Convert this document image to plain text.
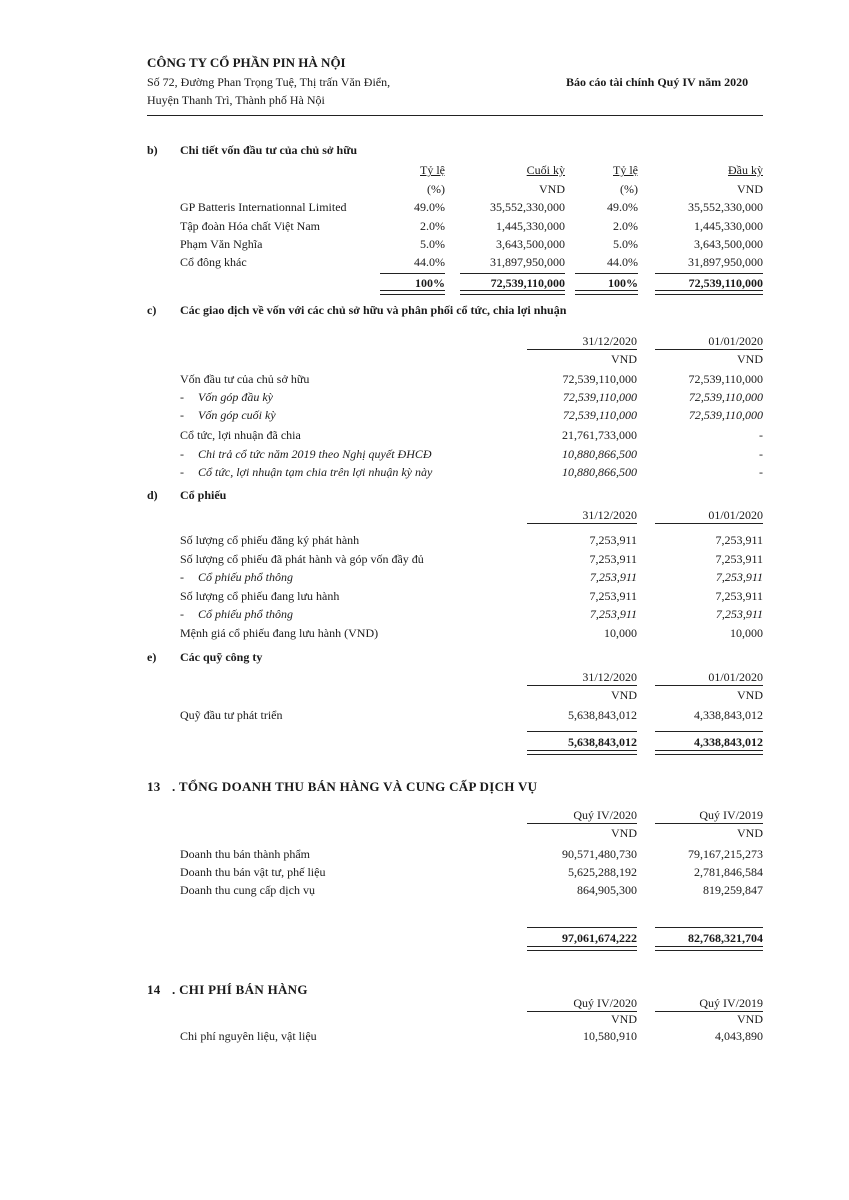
CÔNG TY CỔ PHẦN PIN HÀ NỘI
Số 72, Đường Phan Trọng Tuệ, Thị trấn Văn Điển,
Huyện Thanh Trì, Thành phố Hà Nội
Báo cáo tài chính Quý IV năm 2020
b) Chi tiết vốn đầu tư của chủ sở hữu
Tỷ lệ	Cuối kỳ	Tỷ lệ	Đầu kỳ
(%)	VND	(%)	VND
GP Batteris Internationnal Limited	49.0%	35,552,330,000	49.0%	35,552,330,000
Tập đoàn Hóa chất Việt Nam	2.0%	1,445,330,000	2.0%	1,445,330,000
Phạm Văn Nghĩa	5.0%	3,643,500,000	5.0%	3,643,500,000
Cổ đông khác	44.0%	31,897,950,000	44.0%	31,897,950,000
100%	72,539,110,000	100%	72,539,110,000
c) Các giao dịch về vốn với các chủ sở hữu và phân phối cổ tức, chia lợi nhuận
31/12/2020	01/01/2020
VND	VND
Vốn đầu tư của chủ sở hữu	72,539,110,000	72,539,110,000
- Vốn góp đầu kỳ	72,539,110,000	72,539,110,000
- Vốn góp cuối kỳ	72,539,110,000	72,539,110,000
Cổ tức, lợi nhuận đã chia	21,761,733,000	-
- Chi trả cổ tức năm 2019 theo Nghị quyết ĐHCĐ	10,880,866,500	-
- Cổ tức, lợi nhuận tạm chia trên lợi nhuận kỳ này	10,880,866,500	-
d) Cổ phiếu
31/12/2020	01/01/2020
Số lượng cổ phiếu đăng ký phát hành	7,253,911	7,253,911
Số lượng cổ phiếu đã phát hành và góp vốn đầy đủ	7,253,911	7,253,911
- Cổ phiếu phổ thông	7,253,911	7,253,911
Số lượng cổ phiếu đang lưu hành	7,253,911	7,253,911
- Cổ phiếu phổ thông	7,253,911	7,253,911
Mệnh giá cổ phiếu đang lưu hành (VND)	10,000	10,000
e) Các quỹ công ty
31/12/2020	01/01/2020
VND	VND
Quỹ đầu tư phát triển	5,638,843,012	4,338,843,012
5,638,843,012	4,338,843,012
13 . TỔNG DOANH THU BÁN HÀNG VÀ CUNG CẤP DỊCH VỤ
Quý IV/2020	Quý IV/2019
VND	VND
Doanh thu bán thành phẩm	90,571,480,730	79,167,215,273
Doanh thu bán vật tư, phế liệu	5,625,288,192	2,781,846,584
Doanh thu cung cấp dịch vụ	864,905,300	819,259,847
97,061,674,222	82,768,321,704
14 . CHI PHÍ BÁN HÀNG
Quý IV/2020	Quý IV/2019
VND	VND
Chi phí nguyên liệu, vật liệu	10,580,910	4,043,890
